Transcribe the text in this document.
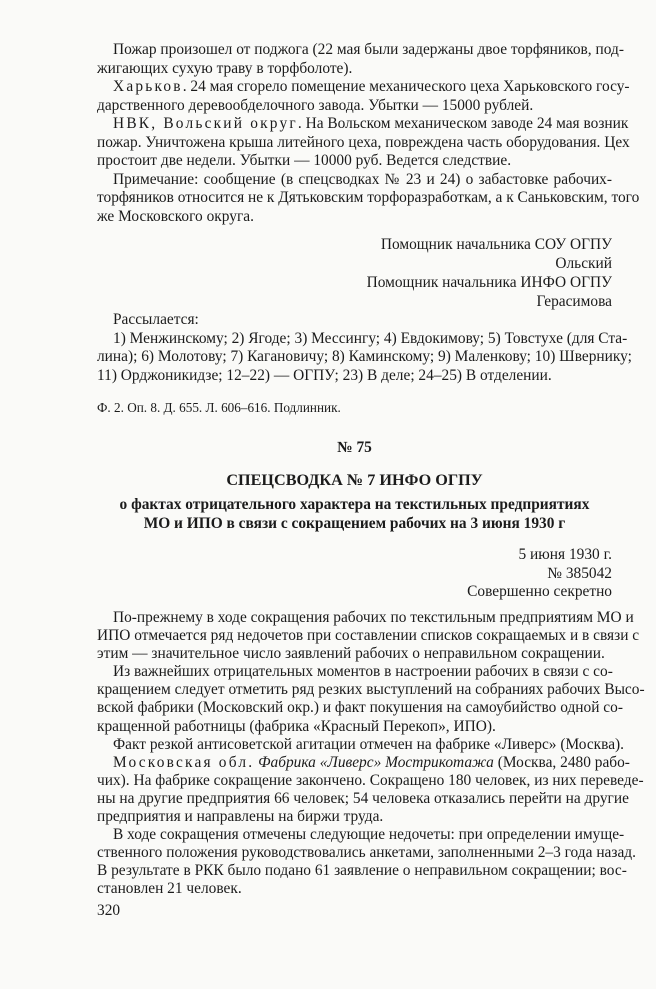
Пожар произошел от поджога (22 мая были задержаны двое торфяников, под-
жигающих сухую траву в торфболоте).
Харьков. 24 мая сгорело помещение механического цеха Харьковского госу-
дарственного деревообделочного завода. Убытки — 15000 рублей.
НВК, Вольский округ. На Вольском механическом заводе 24 мая возник
пожар. Уничтожена крыша литейного цеха, повреждена часть оборудования. Цех
простоит две недели. Убытки — 10000 руб. Ведется следствие.
Примечание: сообщение (в спецсводках № 23 и 24) о забастовке рабочих-
торфяников относится не к Дятьковским торфоразработкам, а к Саньковским, того
же Московского округа.
Помощник начальника СОУ ОГПУ
Ольский
Помощник начальника ИНФО ОГПУ
Герасимова
Рассылается:
1) Менжинскому; 2) Ягоде; 3) Мессингу; 4) Евдокимову; 5) Товстухе (для Ста-
лина); 6) Молотову; 7) Кагановичу; 8) Каминскому; 9) Маленкову; 10) Швернику;
11) Орджоникидзе; 12–22) — ОГПУ; 23) В деле; 24–25) В отделении.
Ф. 2. Оп. 8. Д. 655. Л. 606–616. Подлинник.
№ 75
СПЕЦСВОДКА № 7 ИНФО ОГПУ
о фактах отрицательного характера на текстильных предприятиях
МО и ИПО в связи с сокращением рабочих на 3 июня 1930 г
5 июня 1930 г.
№ 385042
Совершенно секретно
По-прежнему в ходе сокращения рабочих по текстильным предприятиям МО и
ИПО отмечается ряд недочетов при составлении списков сокращаемых и в связи с
этим — значительное число заявлений рабочих о неправильном сокращении.
Из важнейших отрицательных моментов в настроении рабочих в связи с со-
кращением следует отметить ряд резких выступлений на собраниях рабочих Высо-
вской фабрики (Московский окр.) и факт покушения на самоубийство одной со-
кращенной работницы (фабрика «Красный Перекоп», ИПО).
Факт резкой антисоветской агитации отмечен на фабрике «Ливерс» (Москва).
Московская обл. Фабрика «Ливерс» Мострикотажа (Москва, 2480 рабо-
чих). На фабрике сокращение закончено. Сокращено 180 человек, из них переведе-
ны на другие предприятия 66 человек; 54 человека отказались перейти на другие
предприятия и направлены на биржи труда.
В ходе сокращения отмечены следующие недочеты: при определении имуще-
ственного положения руководствовались анкетами, заполненными 2–3 года назад.
В результате в РКК было подано 61 заявление о неправильном сокращении; вос-
становлен 21 человек.
320
